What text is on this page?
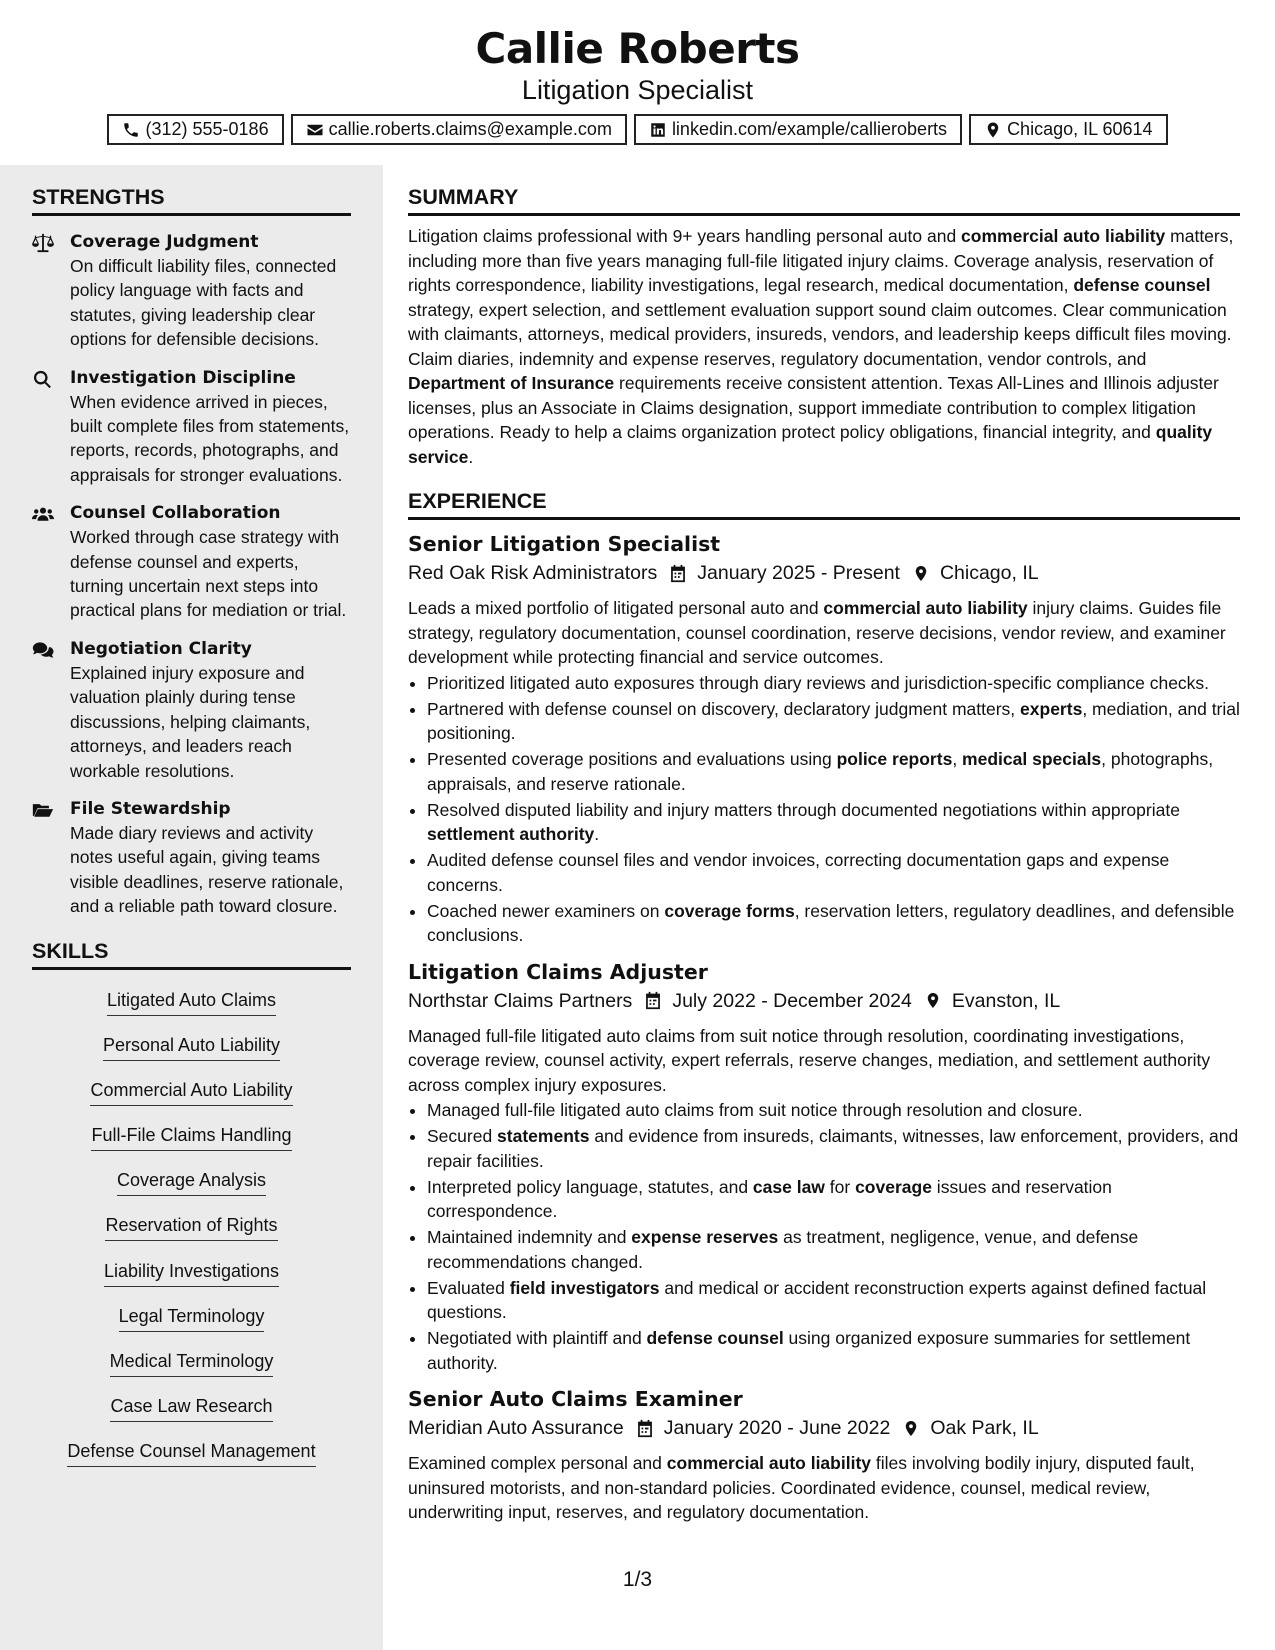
Callie Roberts
Litigation Specialist
(312) 555-0186	callie.roberts.claims@example.com	linkedin.com/example/callieroberts	Chicago, IL 60614
STRENGTHS
Coverage Judgment
On difficult liability files, connected policy language with facts and statutes, giving leadership clear options for defensible decisions.
Investigation Discipline
When evidence arrived in pieces, built complete files from statements, reports, records, photographs, and appraisals for stronger evaluations.
Counsel Collaboration
Worked through case strategy with defense counsel and experts, turning uncertain next steps into practical plans for mediation or trial.
Negotiation Clarity
Explained injury exposure and valuation plainly during tense discussions, helping claimants, attorneys, and leaders reach workable resolutions.
File Stewardship
Made diary reviews and activity notes useful again, giving teams visible deadlines, reserve rationale, and a reliable path toward closure.
SKILLS
Litigated Auto Claims
Personal Auto Liability
Commercial Auto Liability
Full-File Claims Handling
Coverage Analysis
Reservation of Rights
Liability Investigations
Legal Terminology
Medical Terminology
Case Law Research
Defense Counsel Management
SUMMARY

Litigation claims professional with 9+ years handling personal auto and commercial auto liability matters, including more than five years managing full-file litigated injury claims. Coverage analysis, reservation of rights correspondence, liability investigations, legal research, medical documentation, defense counsel strategy, expert selection, and settlement evaluation support sound claim outcomes. Clear communication with claimants, attorneys, medical providers, insureds, vendors, and leadership keeps difficult files moving. Claim diaries, indemnity and expense reserves, regulatory documentation, vendor controls, and Department of Insurance requirements receive consistent attention. Texas All-Lines and Illinois adjuster licenses, plus an Associate in Claims designation, support immediate contribution to complex litigation operations. Ready to help a claims organization protect policy obligations, financial integrity, and quality service.

EXPERIENCE
Senior Litigation Specialist
Red Oak Risk Administrators January 2025 - Present Chicago, IL

Leads a mixed portfolio of litigated personal auto and commercial auto liability injury claims. Guides file strategy, regulatory documentation, counsel coordination, reserve decisions, vendor review, and examiner development while protecting financial and service outcomes.

• Prioritized litigated auto exposures through diary reviews and jurisdiction-specific compliance checks.
• Partnered with defense counsel on discovery, declaratory judgment matters, experts, mediation, and trial positioning.
• Presented coverage positions and evaluations using police reports, medical specials, photographs, appraisals, and reserve rationale.
• Resolved disputed liability and injury matters through documented negotiations within appropriate settlement authority.
• Audited defense counsel files and vendor invoices, correcting documentation gaps and expense concerns.
• Coached newer examiners on coverage forms, reservation letters, regulatory deadlines, and defensible conclusions.
Litigation Claims Adjuster
Northstar Claims Partners July 2022 - December 2024 Evanston, IL

Managed full-file litigated auto claims from suit notice through resolution, coordinating investigations, coverage review, counsel activity, expert referrals, reserve changes, mediation, and settlement authority across complex injury exposures.

• Managed full-file litigated auto claims from suit notice through resolution and closure.
• Secured statements and evidence from insureds, claimants, witnesses, law enforcement, providers, and repair facilities.
• Interpreted policy language, statutes, and case law for coverage issues and reservation correspondence.
• Maintained indemnity and expense reserves as treatment, negligence, venue, and defense recommendations changed.
• Evaluated field investigators and medical or accident reconstruction experts against defined factual questions.
• Negotiated with plaintiff and defense counsel using organized exposure summaries for settlement authority.
Senior Auto Claims Examiner
Meridian Auto Assurance January 2020 - June 2022 Oak Park, IL

Examined complex personal and commercial auto liability files involving bodily injury, disputed fault, uninsured motorists, and non-standard policies. Coordinated evidence, counsel, medical review, underwriting input, reserves, and regulatory documentation.

1/3
